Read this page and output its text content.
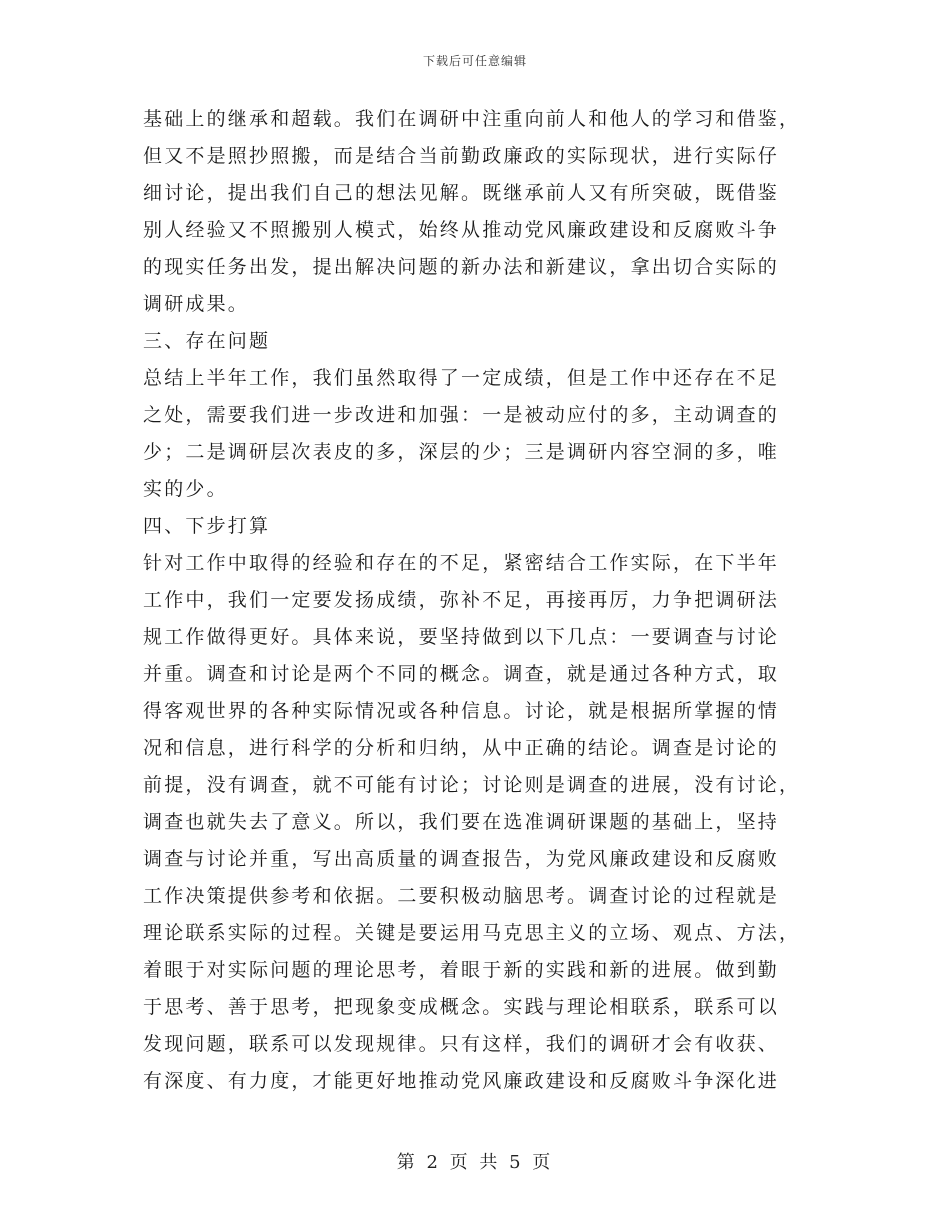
下载后可任意编辑
基础上的继承和超载。我们在调研中注重向前人和他人的学习和借鉴，
但又不是照抄照搬，而是结合当前勤政廉政的实际现状，进行实际仔
细讨论，提出我们自己的想法见解。既继承前人又有所突破，既借鉴
别人经验又不照搬别人模式，始终从推动党风廉政建设和反腐败斗争
的现实任务出发，提出解决问题的新办法和新建议，拿出切合实际的
调研成果。
三、存在问题
总结上半年工作，我们虽然取得了一定成绩，但是工作中还存在不足
之处，需要我们进一步改进和加强：一是被动应付的多，主动调查的
少；二是调研层次表皮的多，深层的少；三是调研内容空洞的多，唯
实的少。
四、下步打算
针对工作中取得的经验和存在的不足，紧密结合工作实际，在下半年
工作中，我们一定要发扬成绩，弥补不足，再接再厉，力争把调研法
规工作做得更好。具体来说，要坚持做到以下几点：一要调查与讨论
并重。调查和讨论是两个不同的概念。调查，就是通过各种方式，取
得客观世界的各种实际情况或各种信息。讨论，就是根据所掌握的情
况和信息，进行科学的分析和归纳，从中正确的结论。调查是讨论的
前提，没有调查，就不可能有讨论；讨论则是调查的进展，没有讨论，
调查也就失去了意义。所以，我们要在选准调研课题的基础上，坚持
调查与讨论并重，写出高质量的调查报告，为党风廉政建设和反腐败
工作决策提供参考和依据。二要积极动脑思考。调查讨论的过程就是
理论联系实际的过程。关键是要运用马克思主义的立场、观点、方法，
着眼于对实际问题的理论思考，着眼于新的实践和新的进展。做到勤
于思考、善于思考，把现象变成概念。实践与理论相联系，联系可以
发现问题，联系可以发现规律。只有这样，我们的调研才会有收获、
有深度、有力度，才能更好地推动党风廉政建设和反腐败斗争深化进
第 2 页 共 5 页
